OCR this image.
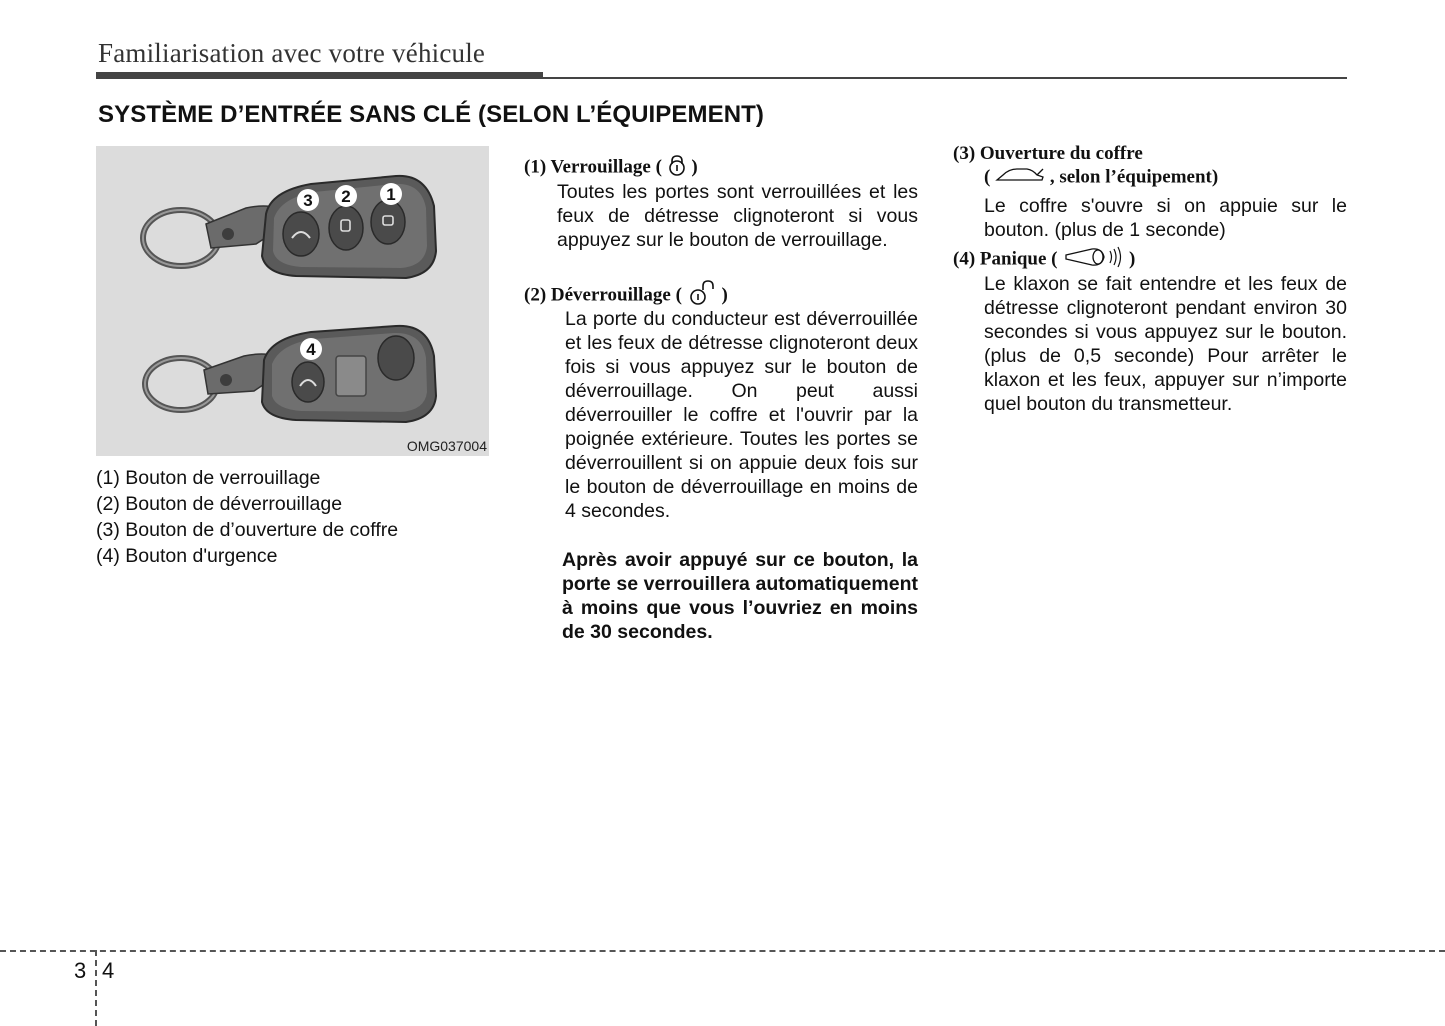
Familiarisation avec votre véhicule
SYSTÈME D’ENTRÉE SANS CLÉ (SELON L’ÉQUIPEMENT)
3 2 1
4
OMG037004
(1) Bouton de verrouillage
(2) Bouton de déverrouillage
(3) Bouton de d’ouverture de coffre
(4) Bouton d'urgence
(1) Verrouillage ( )
Toutes les portes sont verrouillées et les feux de détresse clignoteront si vous appuyez sur le bouton de verrouillage.
(2) Déverrouillage ( )
La porte du conducteur est déverrouillée et les feux de détresse clignoteront deux fois si vous appuyez sur le bouton de déverrouillage. On peut aussi déverrouiller le coffre et l'ouvrir par la poignée extérieure. Toutes les portes se déverrouillent si on appuie deux fois sur le bouton de déverrouillage en moins de 4 secondes.
Après avoir appuyé sur ce bouton, la porte se verrouillera automatiquement à moins que vous l’ouvriez en moins de 30 secondes.
(3) Ouverture du coffre
(	, selon l’équipement)
Le coffre s'ouvre si on appuie sur le bouton. (plus de 1 seconde)
(4) Panique (	)
Le klaxon se fait entendre et les feux de détresse clignoteront pendant environ 30 secondes si vous appuyez sur le bouton. (plus de 0,5 seconde) Pour arrêter le klaxon et les feux, appuyer sur n’importe quel bouton du transmetteur.
3 4
